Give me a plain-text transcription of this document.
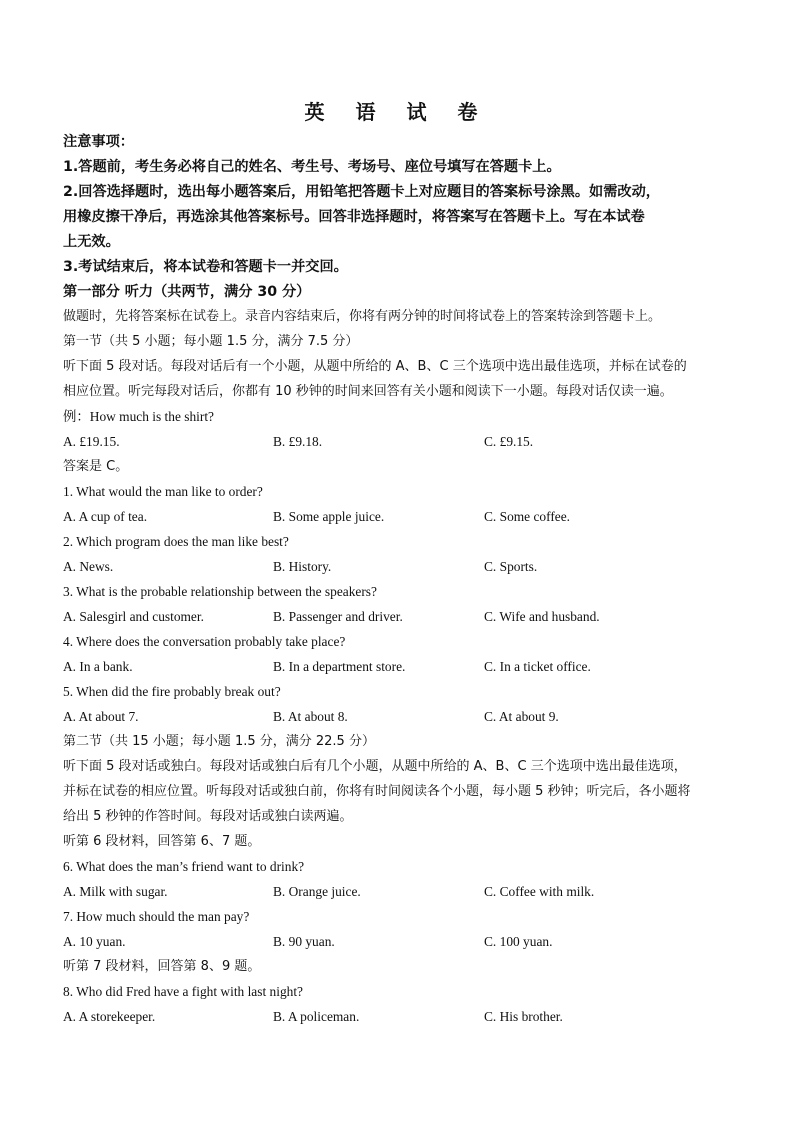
英 语 试 卷
注意事项：
1.答题前，考生务必将自己的姓名、考生号、考场号、座位号填写在答题卡上。
2.回答选择题时，选出每小题答案后，用铅笔把答题卡上对应题目的答案标号涂黑。如需改动，
用橡皮擦干净后，再选涂其他答案标号。回答非选择题时，将答案写在答题卡上。写在本试卷
上无效。
3.考试结束后，将本试卷和答题卡一并交回。
第一部分 听力（共两节，满分 30 分）
做题时，先将答案标在试卷上。录音内容结束后，你将有两分钟的时间将试卷上的答案转涂到答题卡上。
第一节（共 5 小题；每小题 1.5 分，满分 7.5 分）
听下面 5 段对话。每段对话后有一个小题，从题中所给的 A、B、C 三个选项中选出最佳选项，并标在试卷的
相应位置。听完每段对话后，你都有 10 秒钟的时间来回答有关小题和阅读下一小题。每段对话仅读一遍。
例：How much is the shirt?
A. £19.15.	B. £9.18.	C. £9.15.
答案是 C。
1. What would the man like to order?
A. A cup of tea.	B. Some apple juice.	C. Some coffee.
2. Which program does the man like best?
A. News.	B. History.	C. Sports.
3. What is the probable relationship between the speakers?
A. Salesgirl and customer.	B. Passenger and driver.	C. Wife and husband.
4. Where does the conversation probably take place?
A. In a bank.	B. In a department store.	C. In a ticket office.
5. When did the fire probably break out?
A. At about 7.	B. At about 8.	C. At about 9.
第二节（共 15 小题；每小题 1.5 分，满分 22.5 分）
听下面 5 段对话或独白。每段对话或独白后有几个小题，从题中所给的 A、B、C 三个选项中选出最佳选项，
并标在试卷的相应位置。听每段对话或独白前，你将有时间阅读各个小题，每小题 5 秒钟；听完后，各小题将
给出 5 秒钟的作答时间。每段对话或独白读两遍。
听第 6 段材料，回答第 6、7 题。
6. What does the man’s friend want to drink?
A. Milk with sugar.	B. Orange juice.	C. Coffee with milk.
7. How much should the man pay?
A. 10 yuan.	B. 90 yuan.	C. 100 yuan.
听第 7 段材料，回答第 8、9 题。
8. Who did Fred have a fight with last night?
A. A storekeeper.	B. A policeman.	C. His brother.
